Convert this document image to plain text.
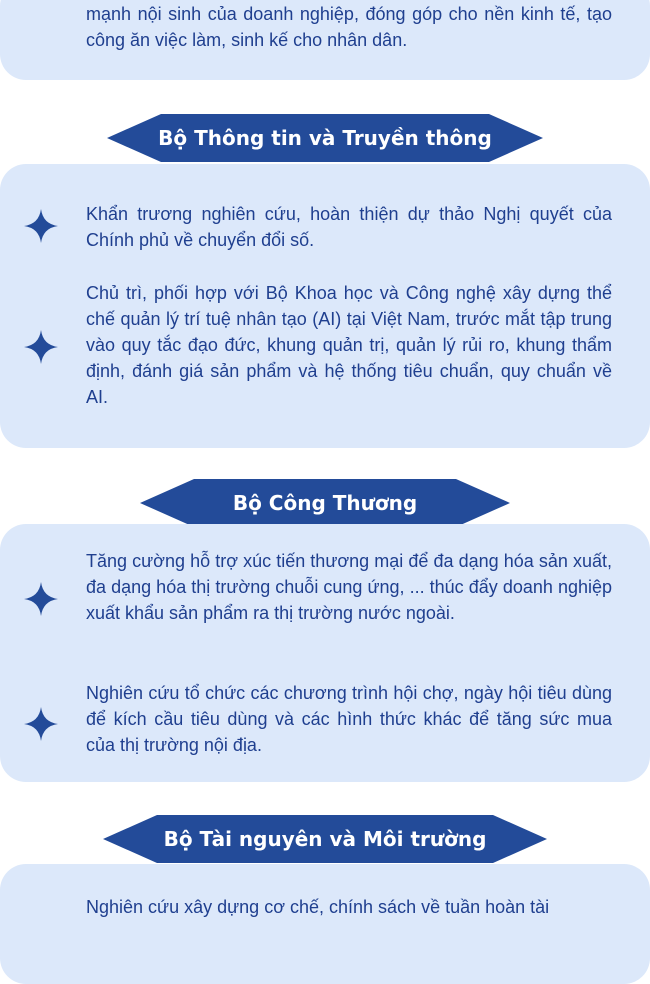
mạnh nội sinh của doanh nghiệp, đóng góp cho nền kinh tế, tạo công ăn việc làm, sinh kế cho nhân dân.

Bộ Thông tin và Truyền thông

Khẩn trương nghiên cứu, hoàn thiện dự thảo Nghị quyết của Chính phủ về chuyển đổi số.

Chủ trì, phối hợp với Bộ Khoa học và Công nghệ xây dựng thể chế quản lý trí tuệ nhân tạo (AI) tại Việt Nam, trước mắt tập trung vào quy tắc đạo đức, khung quản trị, quản lý rủi ro, khung thẩm định, đánh giá sản phẩm và hệ thống tiêu chuẩn, quy chuẩn về AI.

Bộ Công Thương

Tăng cường hỗ trợ xúc tiến thương mại để đa dạng hóa sản xuất, đa dạng hóa thị trường chuỗi cung ứng, ... thúc đẩy doanh nghiệp xuất khẩu sản phẩm ra thị trường nước ngoài.

Nghiên cứu tổ chức các chương trình hội chợ, ngày hội tiêu dùng để kích cầu tiêu dùng và các hình thức khác để tăng sức mua của thị trường nội địa.

Bộ Tài nguyên và Môi trường

Nghiên cứu xây dựng cơ chế, chính sách về tuần hoàn tài
